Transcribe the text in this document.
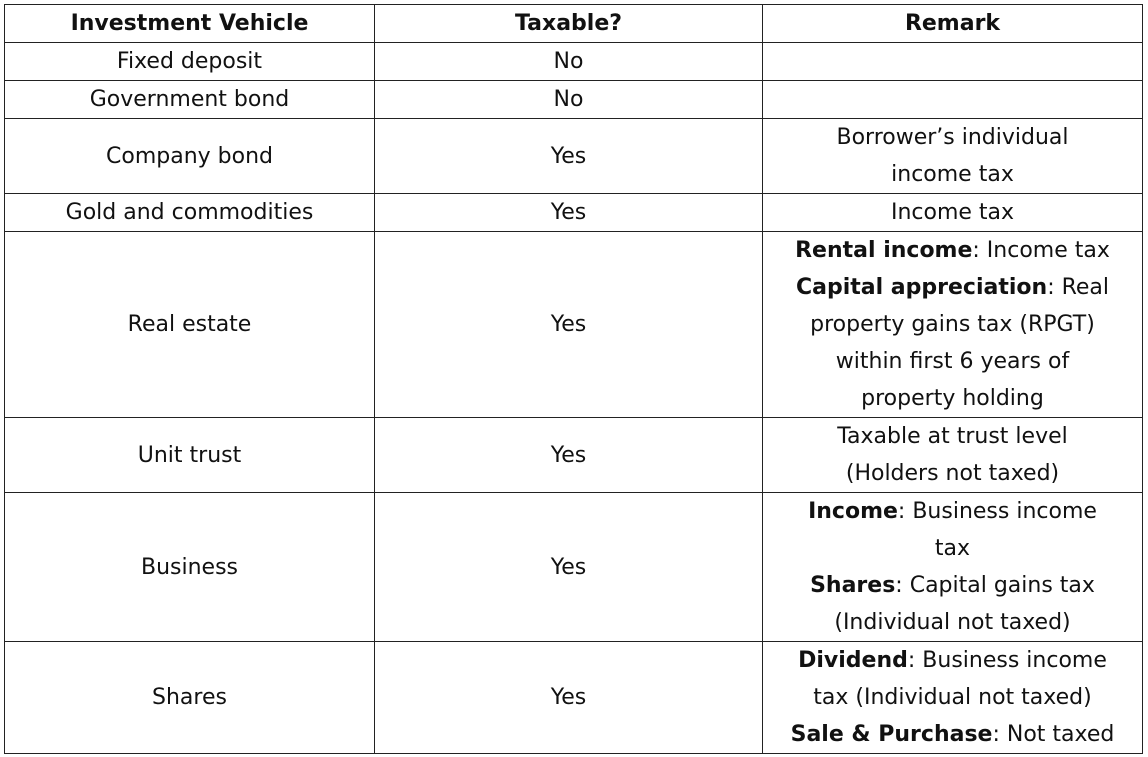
Investment Vehicle	Taxable?	Remark
Fixed deposit	No	
Government bond	No	
Company bond	Yes	Borrower’s individual
income tax

Gold and commodities	Yes	Income tax

Real estate	Yes	Rental income: Income tax
Capital appreciation: Real
property gains tax (RPGT)
within first 6 years of
property holding

Unit trust	Yes	Taxable at trust level
(Holders not taxed)

Business	Yes	Income: Business income
tax
Shares: Capital gains tax
(Individual not taxed)

Shares	Yes	Dividend: Business income
tax (Individual not taxed)
Sale & Purchase: Not taxed
